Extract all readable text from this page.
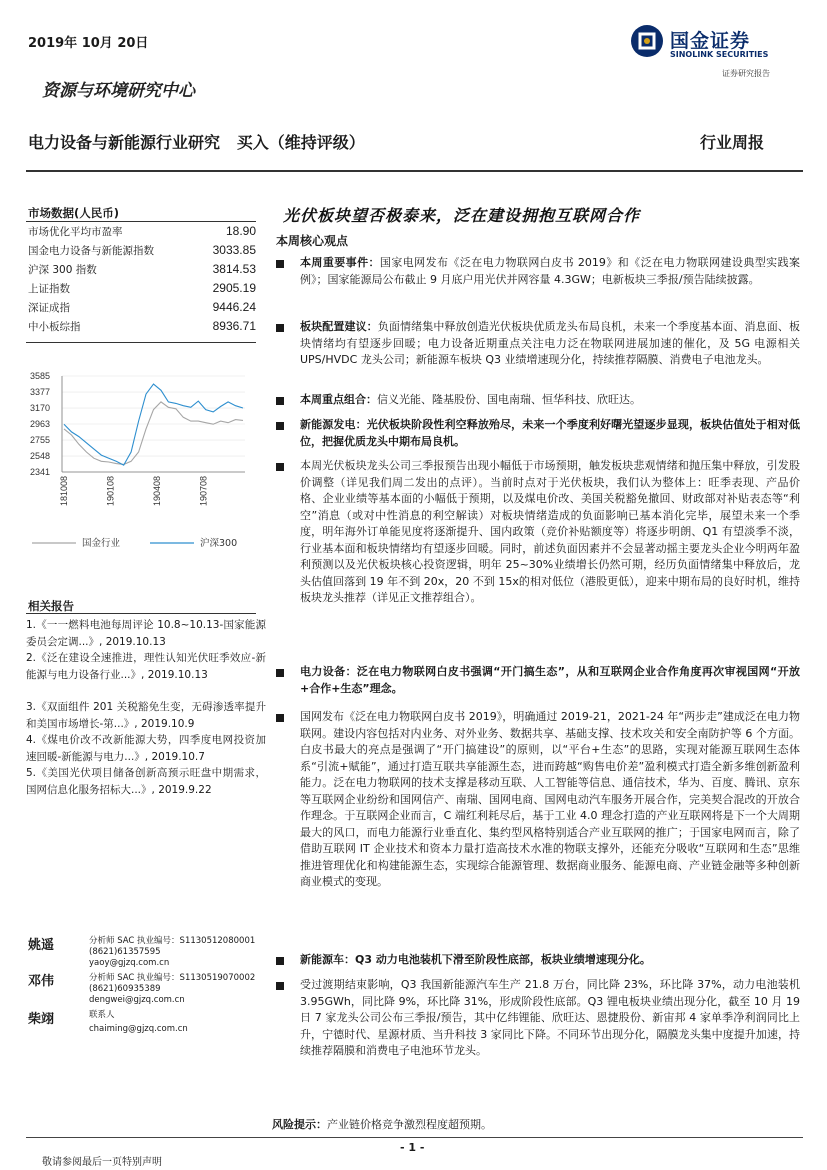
2019年 10月 20日	国金证券
SINOLINK SECURITIES
证券研究报告
资源与环境研究中心
电力设备与新能源行业研究   买入（维持评级）	行业周报
市场数据(人民币)
市场优化平均市盈率	18.90
国金电力设备与新能源指数	3033.85
沪深 300 指数	3814.53
上证指数	2905.19
深证成指	9446.24
中小板综指	8936.71
3585
3377
3170
2963
2755
2548
2341
181008	190108	190408	190708
国金行业	沪深300
相关报告
1.《一一燃料电池每周评论 10.8~10.13-国家能源委员会定调...》, 2019.10.13
2.《泛在建设全速推进，理性认知光伏旺季效应-新能源与电力设备行业...》, 2019.10.13
3.《双面组件 201 关税豁免生变，无碍渗透率提升和美国市场增长-第...》, 2019.10.9
4.《煤电价改不改新能源大势，四季度电网投资加速回暖-新能源与电力...》, 2019.10.7
5.《美国光伏项目储备创新高预示旺盘中期需求，国网信息化服务招标大...》, 2019.9.22
姚遥	分析师 SAC 执业编号：S1130512080001
(8621)61357595
yaoy@gjzq.com.cn
邓伟	分析师 SAC 执业编号：S1130519070002
(8621)60935389
dengwei@gjzq.com.cn
柴翊	联系人
chaiming@gjzq.com.cn
光伏板块望否极泰来，泛在建设拥抱互联网合作
本周核心观点
本周重要事件：国家电网发布《泛在电力物联网白皮书 2019》和《泛在电力物联网建设典型实践案例》；国家能源局公布截止 9 月底户用光伏并网容量 4.3GW；电新板块三季报/预告陆续披露。
板块配置建议：负面情绪集中释放创造光伏板块优质龙头布局良机，未来一个季度基本面、消息面、板块情绪均有望逐步回暖；电力设备近期重点关注电力泛在物联网进展加速的催化，及 5G 电源相关 UPS/HVDC 龙头公司；新能源车板块 Q3 业绩增速现分化，持续推荐隔膜、消费电子电池龙头。
本周重点组合：信义光能、隆基股份、国电南瑞、恒华科技、欣旺达。
新能源发电：光伏板块阶段性利空释放殆尽，未来一个季度利好曙光望逐步显现，板块估值处于相对低位，把握优质龙头中期布局良机。
本周光伏板块龙头公司三季报预告出现小幅低于市场预期，触发板块悲观情绪和抛压集中释放，引发股价调整（详见我们周二发出的点评）。当前时点对于光伏板块，我们认为整体上：旺季表现、产品价格、企业业绩等基本面的小幅低于预期，以及煤电价改、美国关税豁免撤回、财政部对补贴表态等“利空”消息（或对中性消息的利空解读）对板块情绪造成的负面影响已基本消化完毕，展望未来一个季度，明年海外订单能见度将逐渐提升、国内政策（竞价补贴额度等）将逐步明朗、Q1 有望淡季不淡，行业基本面和板块情绪均有望逐步回暖。同时，前述负面因素并不会显著动摇主要龙头企业今明两年盈利预测以及光伏板块核心投资逻辑，明年 25~30%业绩增长仍然可期，经历负面情绪集中释放后，龙头估值回落到 19 年不到 20x，20 不到 15x的相对低位（港股更低），迎来中期布局的良好时机，维持板块龙头推荐（详见正文推荐组合）。
电力设备：泛在电力物联网白皮书强调“开门搞生态”，从和互联网企业合作角度再次审视国网“开放+合作+生态”理念。
国网发布《泛在电力物联网白皮书 2019》，明确通过 2019-21，2021-24 年“两步走”建成泛在电力物联网。建设内容包括对内业务、对外业务、数据共享、基础支撑、技术攻关和安全南防护等 6 个方面。白皮书最大的亮点是强调了“开门搞建设”的原则，以“平台+生态”的思路，实现对能源互联网生态体系“引流+赋能”，通过打造互联共享能源生态，进而跨越“购售电价差”盈利模式打造全新多维创新盈利能力。泛在电力物联网的技术支撑是移动互联、人工智能等信息、通信技术，华为、百度、腾讯、京东等互联网企业纷纷和国网信产、南瑞、国网电商、国网电动汽车服务开展合作，完美契合混改的开放合作理念。于互联网企业而言，C 端红利耗尽后，基于工业 4.0 理念打造的产业互联网将是下一个大周期最大的风口，而电力能源行业垂直化、集约型风格特别适合产业互联网的推广；于国家电网而言，除了借助互联网 IT 企业技术和资本力量打造高技术水准的物联支撑外，还能充分吸收“互联网和生态”思维推进管理优化和构建能源生态，实现综合能源管理、数据商业服务、能源电商、产业链金融等多种创新商业模式的变现。
新能源车：Q3 动力电池装机下滑至阶段性底部，板块业绩增速现分化。
受过渡期结束影响，Q3 我国新能源汽车生产 21.8 万台，同比降 23%，环比降 37%，动力电池装机 3.95GWh，同比降 9%，环比降 31%，形成阶段性底部。Q3 锂电板块业绩出现分化，截至 10 月 19 日 7 家龙头公司公布三季报/预告，其中亿纬锂能、欣旺达、恩捷股份、新宙邦 4 家单季净利润同比上升，宁德时代、星源材质、当升科技 3 家同比下降。不同环节出现分化，隔膜龙头集中度提升加速，持续推荐隔膜和消费电子电池环节龙头。
风险提示：产业链价格竞争激烈程度超预期。
- 1 -
敬请参阅最后一页特别声明
